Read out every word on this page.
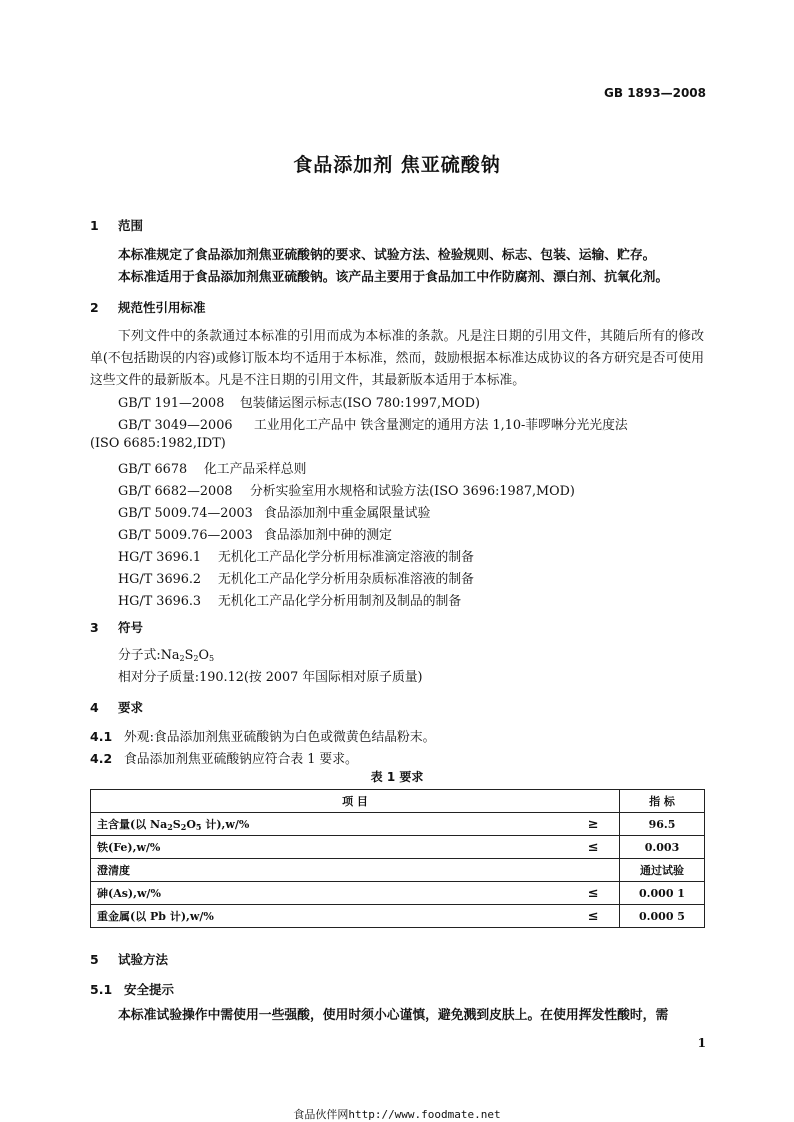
GB 1893—2008
食品添加剂 焦亚硫酸钠
1 范围
本标准规定了食品添加剂焦亚硫酸钠的要求、试验方法、检验规则、标志、包装、运输、贮存。
本标准适用于食品添加剂焦亚硫酸钠。该产品主要用于食品加工中作防腐剂、漂白剂、抗氧化剂。
2 规范性引用标准
下列文件中的条款通过本标准的引用而成为本标准的条款。凡是注日期的引用文件，其随后所有的修改单(不包括勘误的内容)或修订版本均不适用于本标准，然而，鼓励根据本标准达成协议的各方研究是否可使用这些文件的最新版本。凡是不注日期的引用文件，其最新版本适用于本标准。
GB/T 191—2008 包装储运图示标志(ISO 780:1997,MOD)
GB/T 3049—2006 工业用化工产品中 铁含量测定的通用方法 1,10-菲啰啉分光光度法
(ISO 6685:1982,IDT)
GB/T 6678 化工产品采样总则
GB/T 6682—2008 分析实验室用水规格和试验方法(ISO 3696:1987,MOD)
GB/T 5009.74—2003 食品添加剂中重金属限量试验
GB/T 5009.76—2003 食品添加剂中砷的测定
HG/T 3696.1 无机化工产品化学分析用标准滴定溶液的制备
HG/T 3696.2 无机化工产品化学分析用杂质标准溶液的制备
HG/T 3696.3 无机化工产品化学分析用制剂及制品的制备
3 符号
分子式$:Na_2S_2O_5$
相对分子质量:190.12(按 2007 年国际相对原子质量)
4 要求
4.1 外观:食品添加剂焦亚硫酸钠为白色或微黄色结晶粉末。
4.2 食品添加剂焦亚硫酸钠应符合表 1 要求。
表 1 要求
项 目		指 标
主含量(以 $Na_2S_2O_5$ 计),w/%	≥	96.5
铁(Fe),w/%	≤	0.003
澄清度		通过试验
砷(As),w/%	≤	0.000 1
重金属(以 Pb 计),w/%	≤	0.000 5
5 试验方法
5.1 安全提示
本标准试验操作中需使用一些强酸，使用时须小心谨慎，避免溅到皮肤上。在使用挥发性酸时，需
1
食品伙伴网http://www.foodmate.net
